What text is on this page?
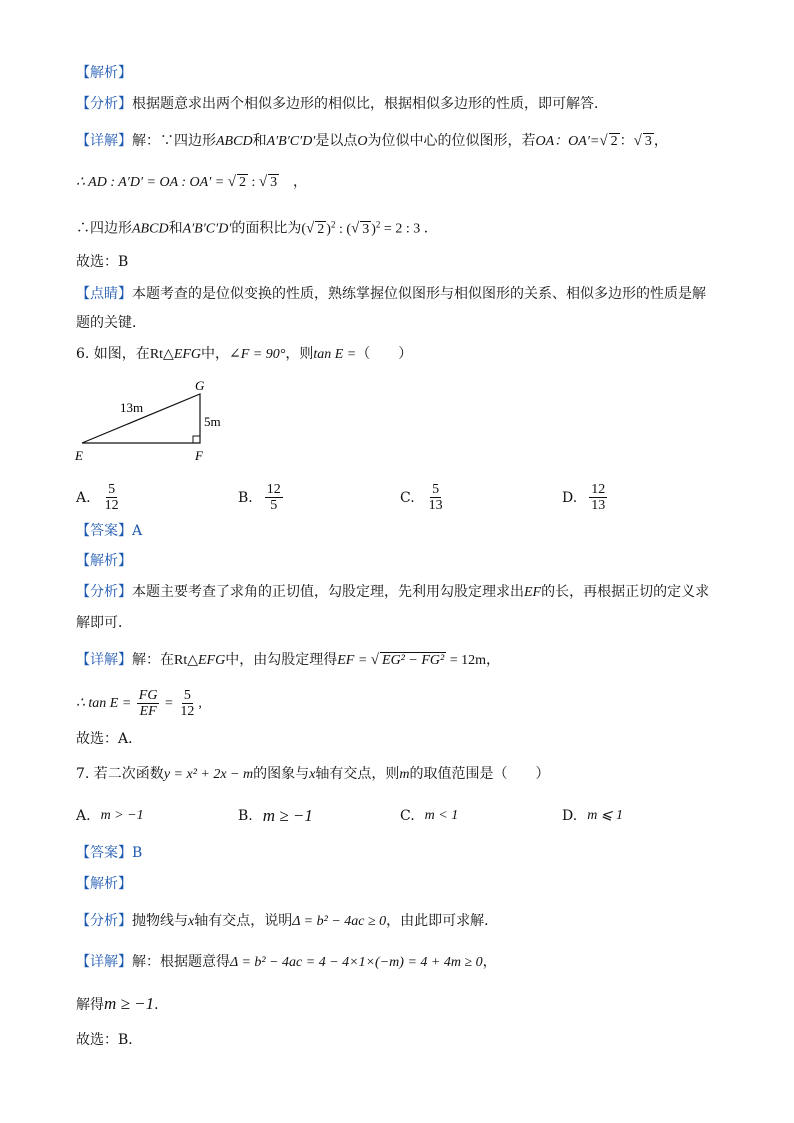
【解析】
【分析】根据题意求出两个相似多边形的相似比，根据相似多边形的性质，即可解答．
【详解】解：∵四边形ABCD和A′B′C′D′是以点O为位似中心的位似图形，若OA：OA′=√ 2 ：√ 3 ，
∴ AD : A′D′ = OA : OA′ = √ 2 : √ 3　，
∴四边形ABCD和A′B′C′D′的面积比为(√ 2 )$^2$ : (√ 3 )$^2$ = 2 : 3 ．
故选：B
【点睛】本题考查的是位似变换的性质，熟练掌握位似图形与相似图形的关系、相似多边形的性质是解
题的关键．
6. 如图，在Rt△EFG中，∠F = 90°，则tan E =（　　）
E	F
G
13m
5m
A. $\frac{5}{12}$	B. $\frac{12}{5}$	C. $\frac{5}{13}$	D. $\frac{12}{13}$
【答案】A
【解析】
【分析】本题主要考查了求角的正切值，勾股定理，先利用勾股定理求出EF的长，再根据正切的定义求
解即可．
【详解】解：在Rt△EFG中，由勾股定理得EF = √ EG² − FG² = 12m，
∴ $\tan E = \frac{FG}{EF} = \frac{5}{12}$ ,
故选：A．
7. 若二次函数y = x² + 2x − m的图象与x轴有交点，则m的取值范围是（　　）
A. m > −1	B. m ≥ −1	C. m < 1	D. m ⩽ 1
【答案】B
【解析】
【分析】抛物线与x轴有交点，说明Δ = b² − 4ac ≥ 0，由此即可求解．
【详解】解：根据题意得Δ = b² − 4ac = 4 − 4×1×(−m) = 4 + 4m ≥ 0，
解得m ≥ −1．
故选：B．
